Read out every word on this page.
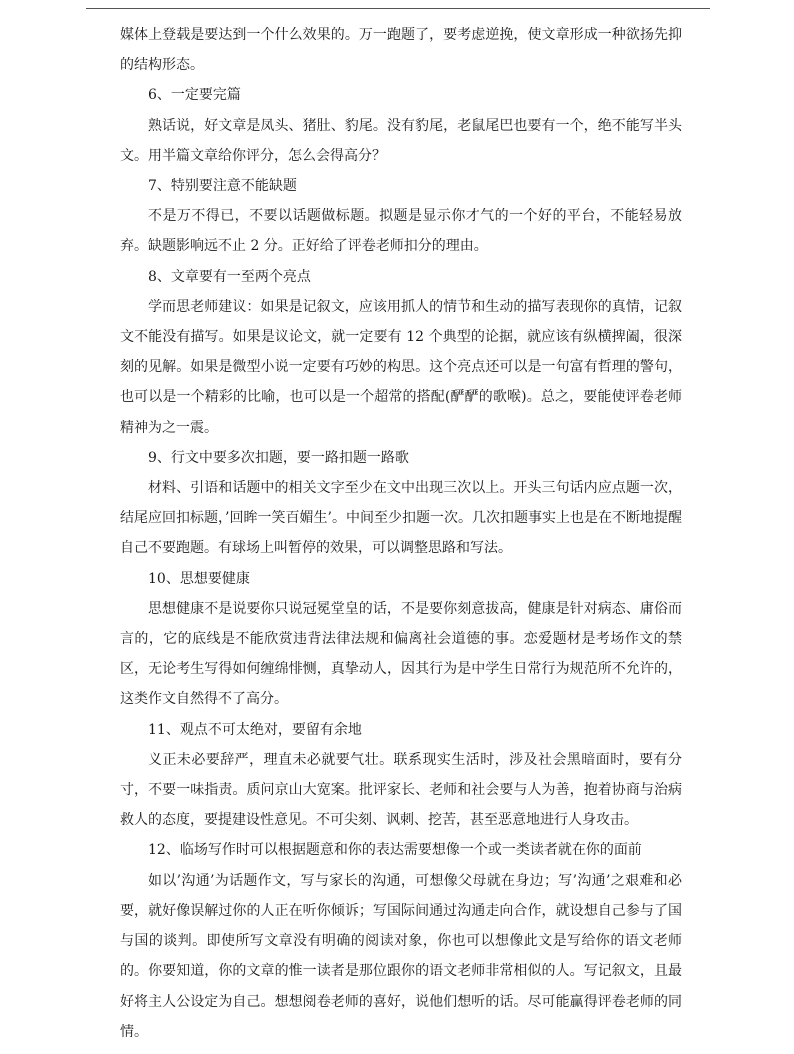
媒体上登载是要达到一个什么效果的。万一跑题了，要考虑逆挽，使文章形成一种欲扬先抑的结构形态。

6、一定要完篇

熟话说，好文章是凤头、猪肚、豹尾。没有豹尾，老鼠尾巴也要有一个，绝不能写半头文。用半篇文章给你评分，怎么会得高分？

7、特别要注意不能缺题

不是万不得已，不要以话题做标题。拟题是显示你才气的一个好的平台，不能轻易放弃。缺题影响远不止 2 分。正好给了评卷老师扣分的理由。

8、文章要有一至两个亮点

学而思老师建议：如果是记叙文，应该用抓人的情节和生动的描写表现你的真情，记叙文不能没有描写。如果是议论文，就一定要有 12 个典型的论据，就应该有纵横捭阖，很深刻的见解。如果是微型小说一定要有巧妙的构思。这个亮点还可以是一句富有哲理的警句，也可以是一个精彩的比喻，也可以是一个超常的搭配(酽酽的歌喉)。总之，要能使评卷老师精神为之一震。

9、行文中要多次扣题，要一路扣题一路歌

材料、引语和话题中的相关文字至少在文中出现三次以上。开头三句话内应点题一次，结尾应回扣标题，’回眸一笑百媚生’。中间至少扣题一次。几次扣题事实上也是在不断地提醒自己不要跑题。有球场上叫暂停的效果，可以调整思路和写法。

10、思想要健康

思想健康不是说要你只说冠冕堂皇的话，不是要你刻意拔高，健康是针对病态、庸俗而言的，它的底线是不能欣赏违背法律法规和偏离社会道德的事。恋爱题材是考场作文的禁区，无论考生写得如何缠绵悱恻，真挚动人，因其行为是中学生日常行为规范所不允许的，这类作文自然得不了高分。

11、观点不可太绝对，要留有余地

义正未必要辞严，理直未必就要气壮。联系现实生活时，涉及社会黑暗面时，要有分寸，不要一味指责。质问京山大宽案。批评家长、老师和社会要与人为善，抱着协商与治病救人的态度，要提建设性意见。不可尖刻、讽刺、挖苦，甚至恶意地进行人身攻击。

12、临场写作时可以根据题意和你的表达需要想像一个或一类读者就在你的面前

如以’沟通’为话题作文，写与家长的沟通，可想像父母就在身边；写’沟通’之艰难和必要，就好像误解过你的人正在听你倾诉；写国际间通过沟通走向合作，就设想自己参与了国与国的谈判。即使所写文章没有明确的阅读对象，你也可以想像此文是写给你的语文老师的。你要知道，你的文章的惟一读者是那位跟你的语文老师非常相似的人。写记叙文，且最好将主人公设定为自己。想想阅卷老师的喜好，说他们想听的话。尽可能赢得评卷老师的同情。
